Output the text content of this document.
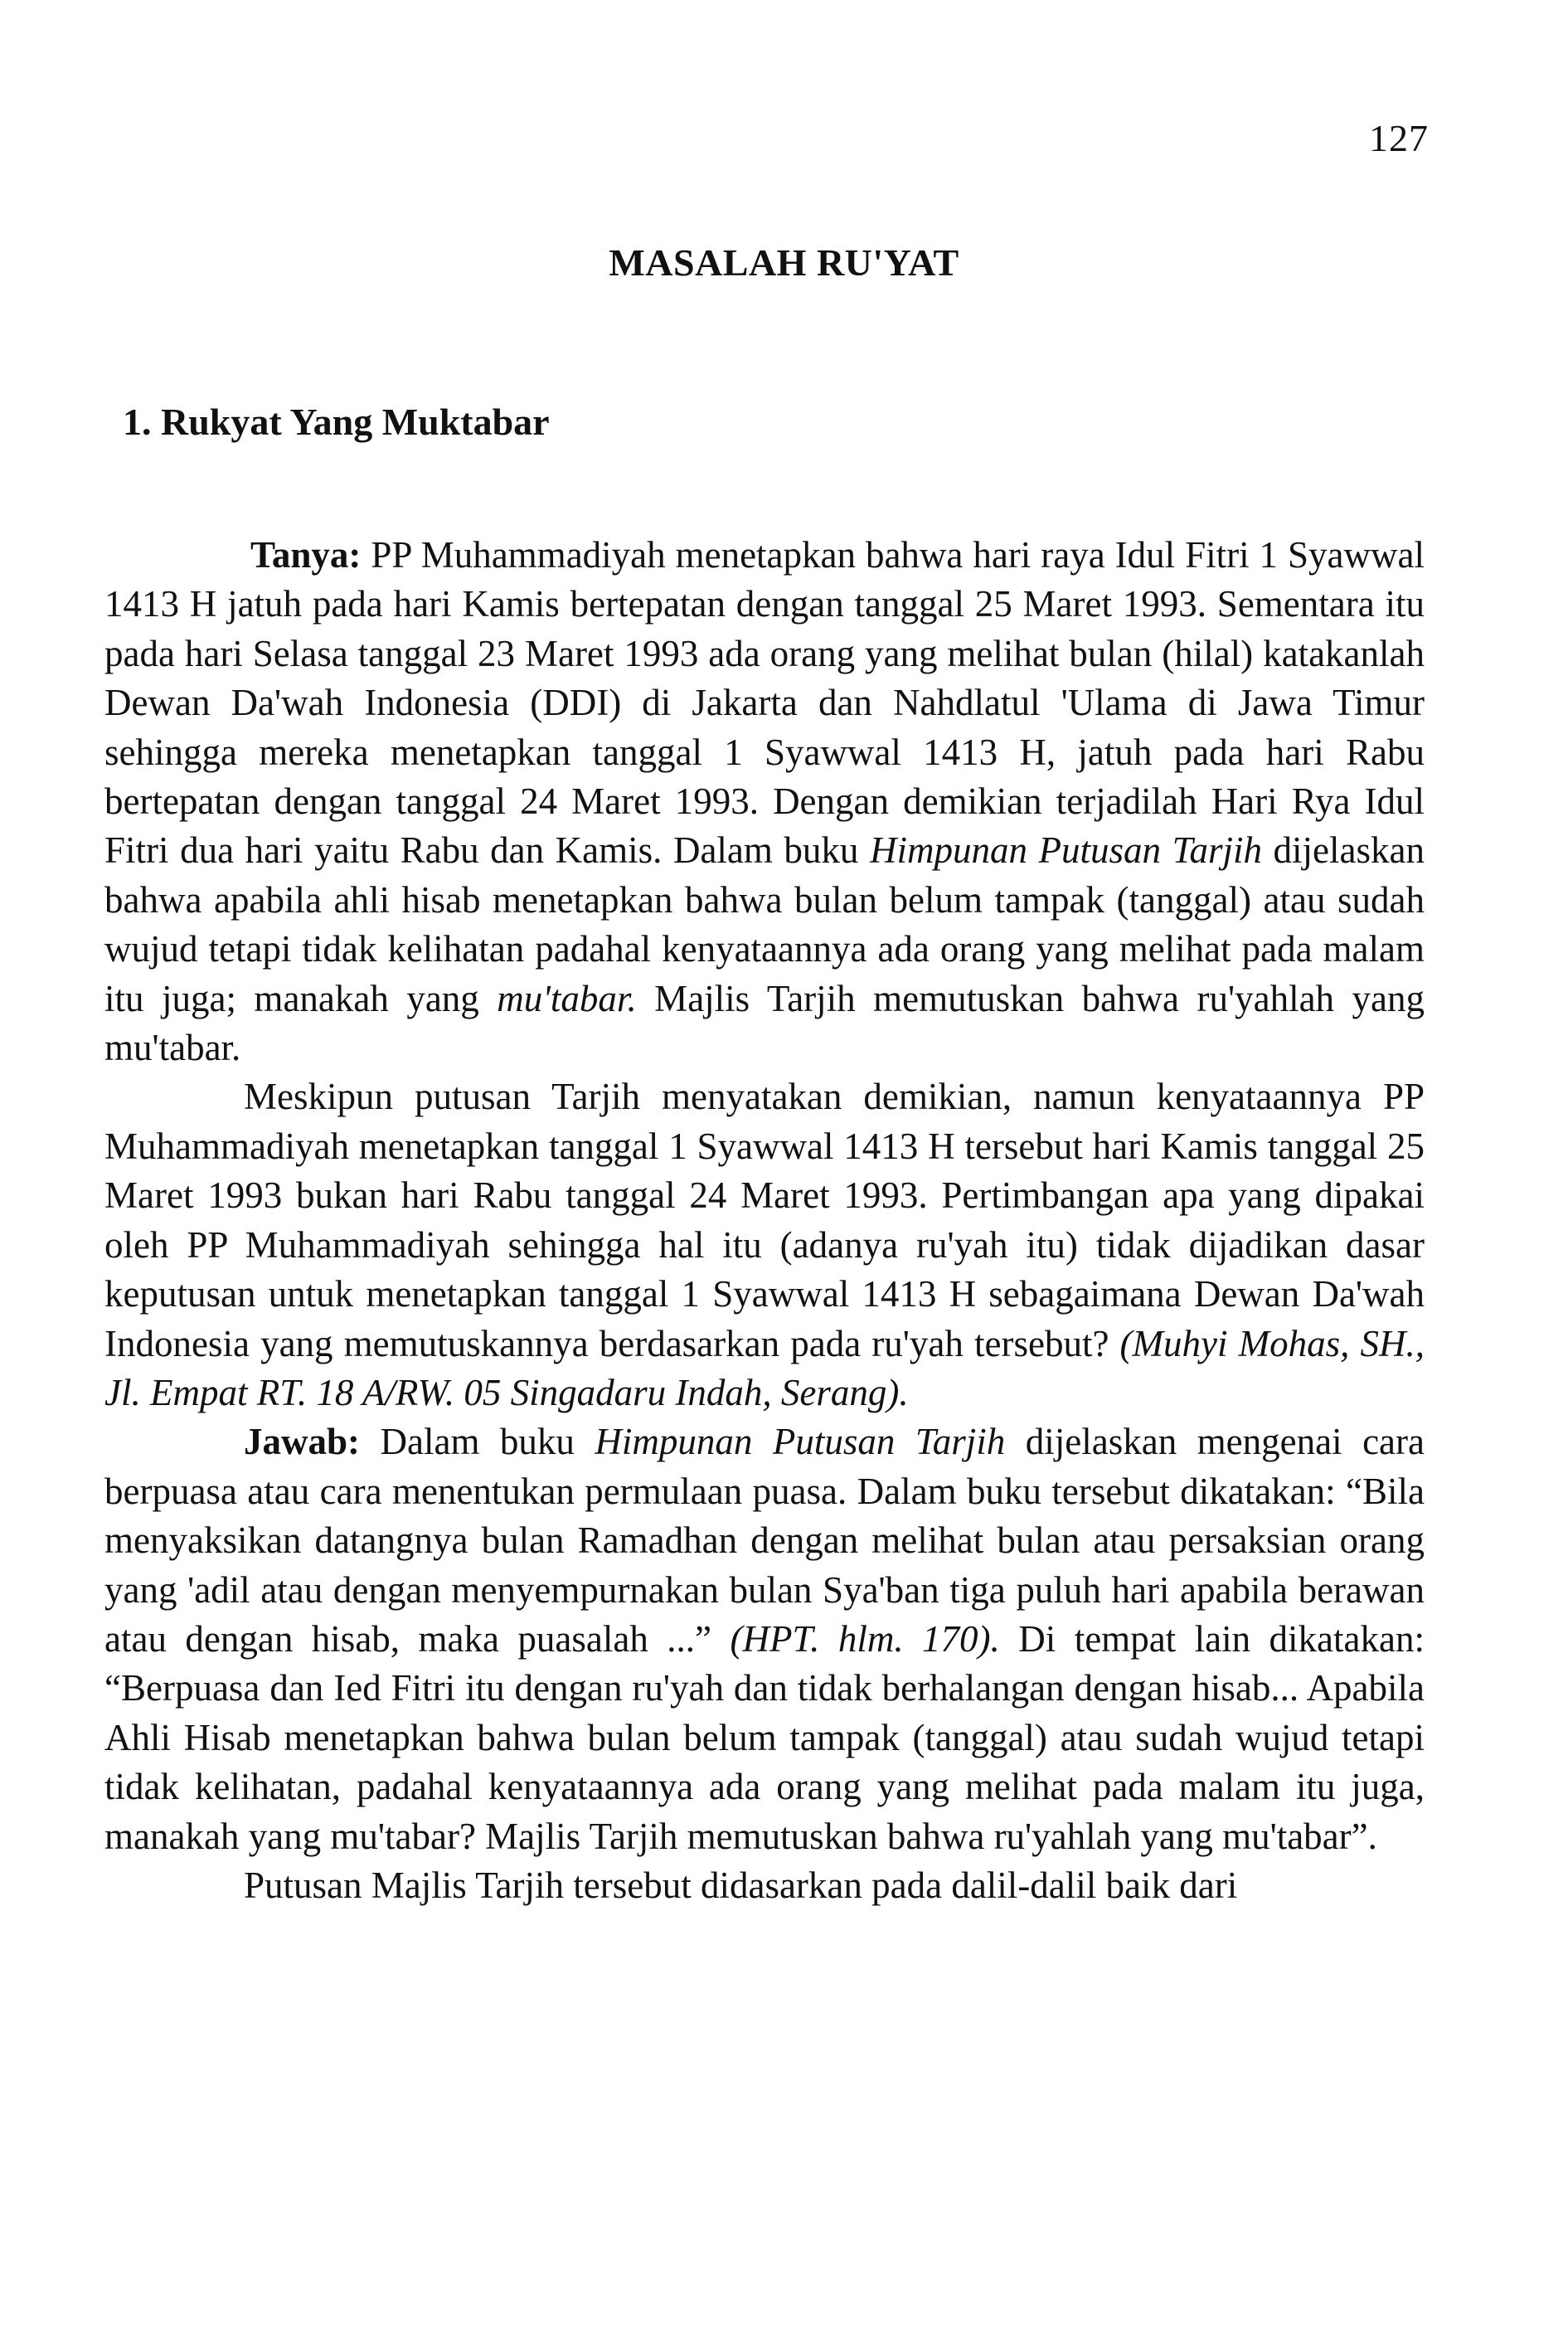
127
MASALAH RU'YAT
1. Rukyat Yang Muktabar

Tanya: PP Muhammadiyah menetapkan bahwa hari raya Idul Fitri 1 Syawwal 1413 H jatuh pada hari Kamis bertepatan dengan tanggal 25 Maret 1993. Sementara itu pada hari Selasa tanggal 23 Maret 1993 ada orang yang melihat bulan (hilal) katakanlah Dewan Da'wah Indonesia (DDI) di Jakarta dan Nahdlatul 'Ulama di Jawa Timur sehingga mereka menetapkan tanggal 1 Syawwal 1413 H, jatuh pada hari Rabu bertepatan dengan tanggal 24 Maret 1993. Dengan demikian terjadilah Hari Rya Idul Fitri dua hari yaitu Rabu dan Kamis. Dalam buku Himpunan Putusan Tarjih dijelaskan bahwa apabila ahli hisab menetapkan bahwa bulan belum tampak (tanggal) atau sudah wujud tetapi tidak kelihatan padahal kenyataannya ada orang yang melihat pada malam itu juga; manakah yang mu'tabar. Majlis Tarjih memutuskan bahwa ru'yahlah yang mu'tabar.

Meskipun putusan Tarjih menyatakan demikian, namun kenyataannya PP Muhammadiyah menetapkan tanggal 1 Syawwal 1413 H tersebut hari Kamis tanggal 25 Maret 1993 bukan hari Rabu tanggal 24 Maret 1993. Pertimbangan apa yang dipakai oleh PP Muhammadiyah sehingga hal itu (adanya ru'yah itu) tidak dijadikan dasar keputusan untuk menetapkan tanggal 1 Syawwal 1413 H sebagaimana Dewan Da'wah Indonesia yang memutuskannya berdasarkan pada ru'yah tersebut? (Muhyi Mohas, SH., Jl. Empat RT. 18 A/RW. 05 Singadaru Indah, Serang).

Jawab: Dalam buku Himpunan Putusan Tarjih dijelaskan mengenai cara berpuasa atau cara menentukan permulaan puasa. Dalam buku tersebut dikatakan: “Bila menyaksikan datangnya bulan Ramadhan dengan melihat bulan atau persaksian orang yang 'adil atau dengan menyempurnakan bulan Sya'ban tiga puluh hari apabila berawan atau dengan hisab, maka puasalah ...” (HPT. hlm. 170). Di tempat lain dikatakan: “Berpuasa dan Ied Fitri itu dengan ru'yah dan tidak berhalangan dengan hisab... Apabila Ahli Hisab menetapkan bahwa bulan belum tampak (tanggal) atau sudah wujud tetapi tidak kelihatan, padahal kenyataannya ada orang yang melihat pada malam itu juga, manakah yang mu'tabar? Majlis Tarjih memutuskan bahwa ru'yahlah yang mu'tabar”.

Putusan Majlis Tarjih tersebut didasarkan pada dalil-dalil baik dari
